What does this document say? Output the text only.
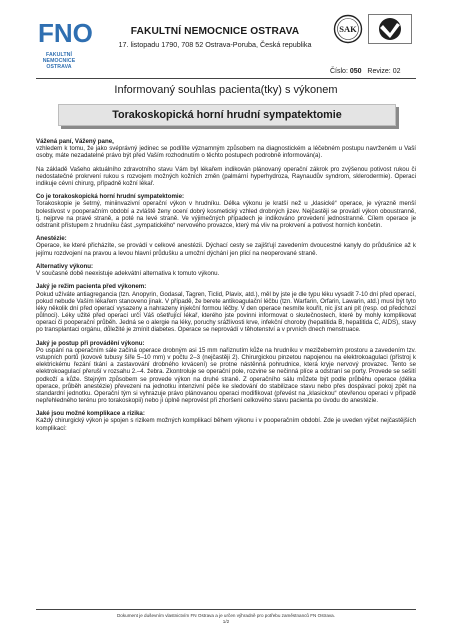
FNO
FAKULTNÍ NEMOCNICE OSTRAVA
FAKULTNÍ NEMOCNICE OSTRAVA
17. listopadu 1790, 708 52 Ostrava-Poruba, Česká republika
SAK
Číslo: 050 Revize: 02
Informovaný souhlas pacienta(tky) s výkonem
Torakoskopická horní hrudní sympatektomie

Vážená paní, Vážený pane,
vzhledem k tomu, že jako svéprávný jedinec se podílíte významným způsobem na diagnostickém a léčebném postupu navrženém u Vaší osoby, máte nezadatelné právo být před Vaším rozhodnutím o těchto postupech podrobně informován(a).

Na základě Vašeho aktuálního zdravotního stavu Vám byl lékařem indikován plánovaný operační zákrok pro zvýšenou potivost rukou či nedostatečné prokrvení rukou s rozvojem možných kožních změn (palmární hyperhydroza, Raynaudův syndrom, sklerodermie). Operaci indikuje cévní chirurg, případně kožní lékař.

Co je torakoskopická horní hrudní sympatektomie:
Torakoskopie je šetrný, miniinvazivní operační výkon v hrudníku. Délka výkonu je kratší než u „klasické“ operace, je výrazně menší bolestivost v pooperačním období a zvláště ženy ocení dobrý kosmetický vzhled drobných jizev. Nejčastěji se provádí výkon oboustranně, tj. nejprve na pravé straně, a poté na levé straně. Ve výjimečných případech je indikováno provedení jednostranné. Cílem operace je odstranit přístupem z hrudníku část „sympatického“ nervového provazce, který má vliv na prokrvení a potivost horních končetin.

Anestézie:
Operace, ke které přicházíte, se provádí v celkové anestézii. Dýchací cesty se zajišťují zavedením dvoucestné kanyly do průdušnice až k jejímu rozdvojení na pravou a levou hlavní průdušku a umožní dýchání jen plicí na neoperované straně.

Alternativy výkonu:
V současné době neexistuje adekvátní alternativa k tomuto výkonu.

Jaký je režim pacienta před výkonem:
Pokud užíváte antiagregancia (tzn. Anopyrin, Godasal, Tagren, Ticlid, Plavix, atd.), měl by jste je dle typu léku vysadit 7-10 dní před operací, pokud nebude Vaším lékařem stanoveno jinak. V případě, že berete antikoagulační léčbu (tzn. Warfarin, Orfarin, Lawarin, atd.) musí být tyto léky několik dní před operací vysazeny a nahrazeny injekční formou léčby. V den operace nesmíte kouřit, nic jíst ani pít (resp. od předchozí půlnoci). Léky užité před operací určí Váš ošetřující lékař, kterého jste povinni informovat o skutečnostech, které by mohly komplikovat operaci či pooperační průběh. Jedná se o alergie na léky, poruchy srážlivosti krve, infekční choroby (hepatitida B, hepatitida C, AIDS), stavy po transplantaci orgánu, důležité je zmínit diabetes. Operace se neprovádí v těhotenství a v prvních dnech menstruace.

Jaký je postup při provádění výkonu:
Po uspání na operačním sále začíná operace drobným asi 15 mm nařiznutím kůže na hrudníku v mezižeberním prostoru a zavedením tzv. vstupních portů (kovové tubusy šíře 5–10 mm) v počtu 2–3 (nejčastěji 2). Chirurgickou pinzetou napojenou na elektrokoagulaci (přístroj k elektrickému řezání tkání a zastavování drobného krvácení) se protne nástěnná pohrudnice, která kryje nervový provazec. Tento se elektrokoagulací přeruší v rozsahu 2.–4. žebra. Zkontroluje se operační pole, rozvine se nečinná plíce a odstraní se porty. Provede se sešití podkoží a kůže. Stejným způsobem se provede výkon na druhé straně. Z operačního sálu můžete být podle průběhu operace (délka operace, průběh anestézie) převezeni na jednotku intenzivní péče ke sledování do stabilizace stavu nebo přes dospávací pokoj zpět na standardní jednotku. Operační tým si vyhrazuje právo plánovanou operaci modifikovat (převést na „klasickou“ otevřenou operaci v případě nepřehledného terénu pro torakoskopii) nebo ji úplně neprovést při zhoršení celkového stavu pacienta po úvodu do anestézie.

Jaké jsou možné komplikace a rizika:
Každý chirurgický výkon je spojen s rizikem možných komplikací během výkonu i v pooperačním období. Zde je uveden výčet nejčastějších komplikací:

Dokument je duševním vlastnictvím FN Ostrava a je určen výhradně pro potřebu zaměstnanců FN Ostrava.
1/2
